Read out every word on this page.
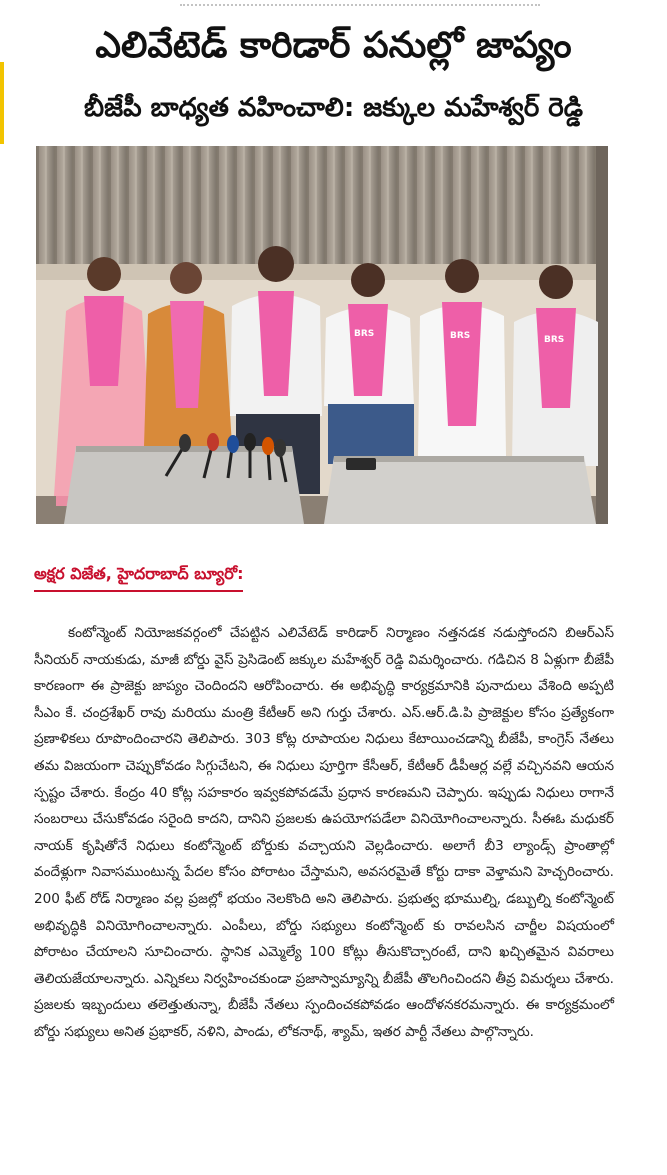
ఎలివేటెడ్ కారిడార్ పనుల్లో జాప్యం
బీజేపీ బాధ్యత వహించాలి: జక్కుల మహేశ్వర్ రెడ్డి
BRS	BRS	BRS
అక్షర విజేత, హైదరాబాద్ బ్యూరో:

కంటోన్మెంట్ నియోజకవర్గంలో చేపట్టిన ఎలివేటెడ్ కారిడార్ నిర్మాణం నత్తనడక నడుస్తోందని బిఆర్ఎస్ సీనియర్ నాయకుడు, మాజీ బోర్డు వైస్ ప్రెసిడెంట్ జక్కుల మహేశ్వర్ రెడ్డి విమర్శించారు. గడిచిన 8 ఏళ్లుగా బీజేపీ కారణంగా ఈ ప్రాజెక్టు జాప్యం చెందిందని ఆరోపించారు. ఈ అభివృద్ధి కార్యక్రమానికి పునాదులు వేశింది అప్పటి సీఎం కే. చంద్రశేఖర్ రావు మరియు మంత్రి కేటీఆర్ అని గుర్తు చేశారు. ఎస్.ఆర్.డి.పి ప్రాజెక్టుల కోసం ప్రత్యేకంగా ప్రణాళికలు రూపొందించారని తెలిపారు. 303 కోట్ల రూపాయల నిధులు కేటాయించడాన్ని బీజేపీ, కాంగ్రెస్ నేతలు తమ విజయంగా చెప్పుకోవడం సిగ్గుచేటని, ఈ నిధులు పూర్తిగా కేసీఆర్, కేటీఆర్ డీపీఆర్ల వల్లే వచ్చినవని ఆయన స్పష్టం చేశారు. కేంద్రం 40 కోట్ల సహకారం ఇవ్వకపోవడమే ప్రధాన కారణమని చెప్పారు. ఇప్పుడు నిధులు రాగానే సంబరాలు చేసుకోవడం సరైంది కాదని, దానిని ప్రజలకు ఉపయోగపడేలా వినియోగించాలన్నారు. సీఈఓ మధుకర్ నాయక్ కృషితోనే నిధులు కంటోన్మెంట్ బోర్డుకు వచ్చాయని వెల్లడించారు. అలాగే బీ3 ల్యాండ్స్ ప్రాంతాల్లో వందేళ్లుగా నివాసముంటున్న పేదల కోసం పోరాటం చేస్తామని, అవసరమైతే కోర్టు దాకా వెళ్తామని హెచ్చరించారు. 200 ఫీట్ రోడ్ నిర్మాణం వల్ల ప్రజల్లో భయం నెలకొంది అని తెలిపారు. ప్రభుత్వ భూముల్ని, డబ్బుల్ని కంటోన్మెంట్ అభివృద్ధికి వినియోగించాలన్నారు. ఎంపీలు, బోర్డు సభ్యులు కంటోన్మెంట్ కు రావలసిన చార్జీల విషయంలో పోరాటం చేయాలని సూచించారు. స్థానిక ఎమ్మెల్యే 100 కోట్లు తీసుకొచ్చారంటే, దాని ఖచ్చితమైన వివరాలు తెలియజేయాలన్నారు. ఎన్నికలు నిర్వహించకుండా ప్రజాస్వామ్యాన్ని బీజేపీ తొలగించిందని తీవ్ర విమర్శలు చేశారు. ప్రజలకు ఇబ్బందులు తలెత్తుతున్నా, బీజేపీ నేతలు స్పందించకపోవడం ఆందోళనకరమన్నారు. ఈ కార్యక్రమంలో బోర్డు సభ్యులు అనిత ప్రభాకర్, నళిని, పాండు, లోకనాథ్, శ్యామ్, ఇతర పార్టీ నేతలు పాల్గొన్నారు.
